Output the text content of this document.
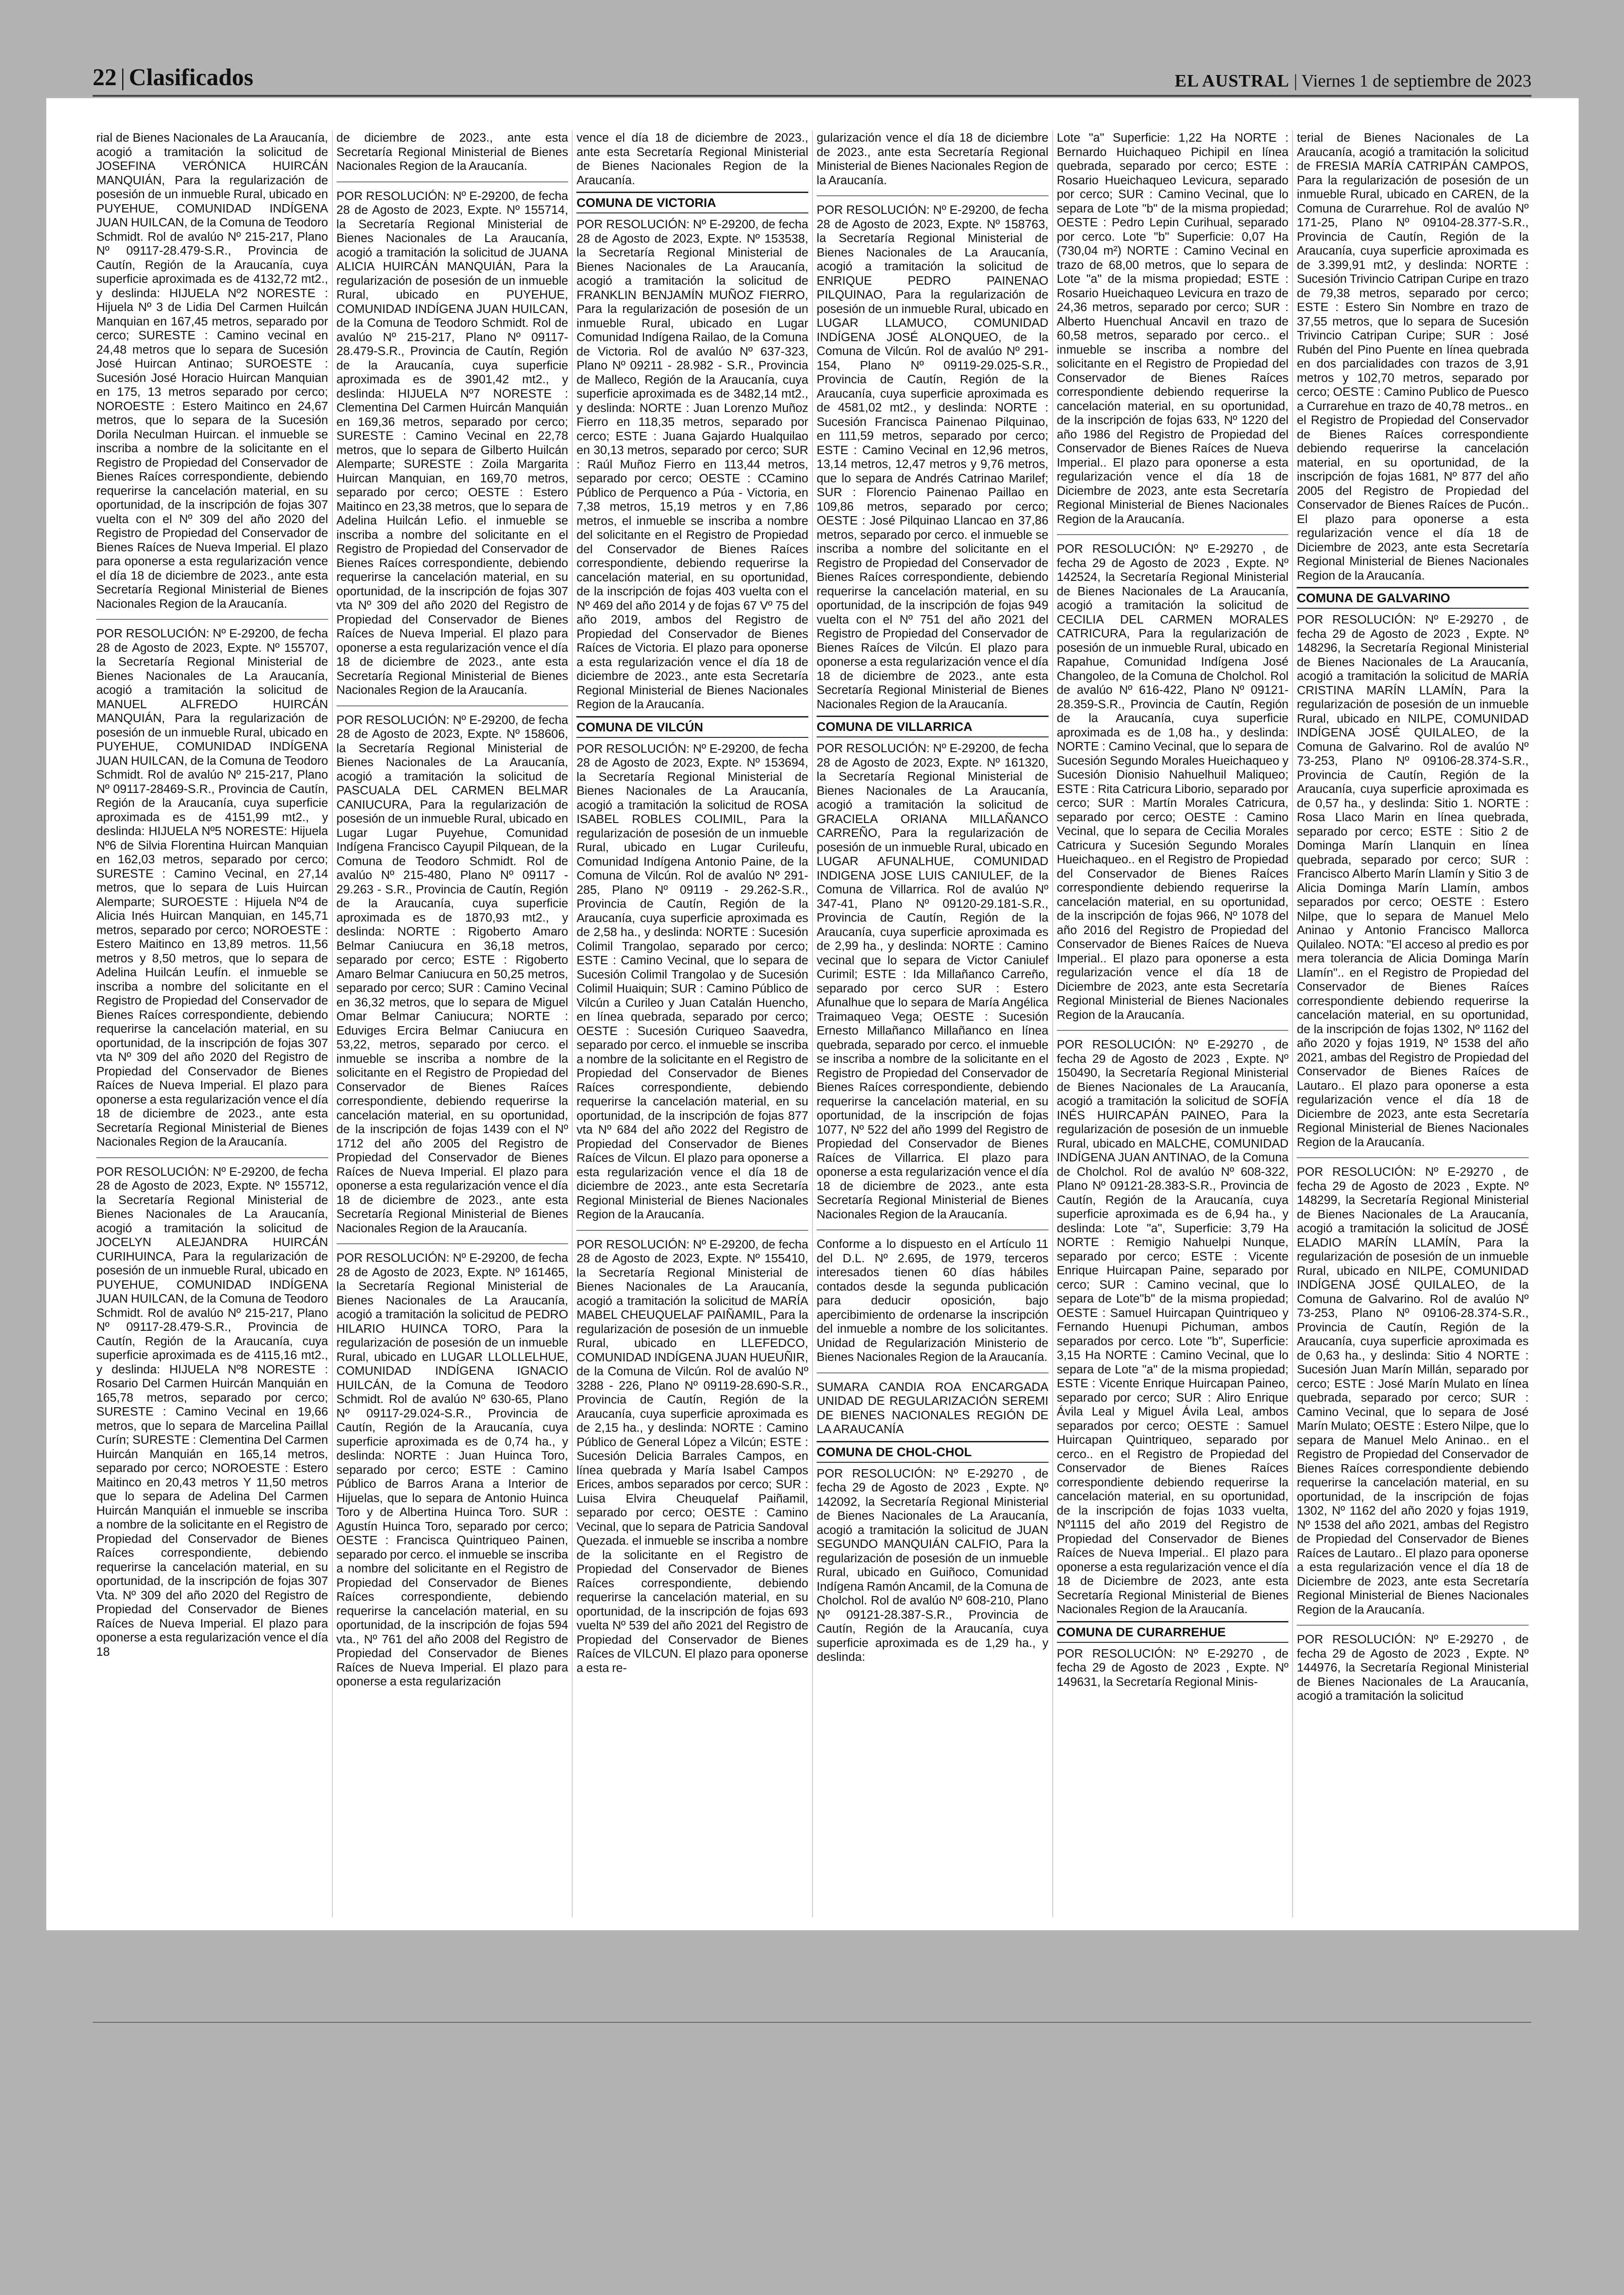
22 | Clasificados	EL AUSTRAL | Viernes 1 de septiembre de 2023

rial de Bienes Nacionales de La Araucanía, acogió a tramitación la solicitud de JOSEFINA VERÓNICA HUIRCÁN MANQUIÁN, Para la regularización de posesión de un inmueble Rural, ubicado en PUYEHUE, COMUNIDAD INDÍGENA JUAN HUILCAN, de la Comuna de Teodoro Schmidt. Rol de avalúo Nº 215-217, Plano Nº 09117-28.479-S.R., Provincia de Cautín, Región de la Araucanía, cuya superficie aproximada es de 4132,72 mt2., y deslinda: HIJUELA Nº2 NORESTE : Hijuela Nº 3 de Lidia Del Carmen Huilcán Manquian en 167,45 metros, separado por cerco; SURESTE : Camino vecinal en 24,48 metros que lo separa de Sucesión José Huircan Antinao; SUROESTE : Sucesión José Horacio Huircan Manquian en 175, 13 metros separado por cerco; NOROESTE : Estero Maitinco en 24,67 metros, que lo separa de la Sucesión Dorila Neculman Huircan. el inmueble se inscriba a nombre de la solicitante en el Registro de Propiedad del Conservador de Bienes Raíces correspondiente, debiendo requerirse la cancelación material, en su oportunidad, de la inscripción de fojas 307 vuelta con el Nº 309 del año 2020 del Registro de Propiedad del Conservador de Bienes Raíces de Nueva Imperial. El plazo para oponerse a esta regularización vence el día 18 de diciembre de 2023., ante esta Secretaría Regional Ministerial de Bienes Nacionales Region de la Araucanía.

POR RESOLUCIÓN: Nº E-29200, de fecha 28 de Agosto de 2023, Expte. Nº 155707, la Secretaría Regional Ministerial de Bienes Nacionales de La Araucanía, acogió a tramitación la solicitud de MANUEL ALFREDO HUIRCÁN MANQUIÁN, Para la regularización de posesión de un inmueble Rural, ubicado en PUYEHUE, COMUNIDAD INDÍGENA JUAN HUILCAN, de la Comuna de Teodoro Schmidt. Rol de avalúo Nº 215-217, Plano Nº 09117-28469-S.R., Provincia de Cautín, Región de la Araucanía, cuya superficie aproximada es de 4151,99 mt2., y deslinda: HIJUELA Nº5 NORESTE: Hijuela Nº6 de Silvia Florentina Huircan Manquian en 162,03 metros, separado por cerco; SURESTE : Camino Vecinal, en 27,14 metros, que lo separa de Luis Huircan Alemparte; SUROESTE : Hijuela Nº4 de Alicia Inés Huircan Manquian, en 145,71 metros, separado por cerco; NOROESTE : Estero Maitinco en 13,89 metros. 11,56 metros y 8,50 metros, que lo separa de Adelina Huilcán Leufín. el inmueble se inscriba a nombre del solicitante en el Registro de Propiedad del Conservador de Bienes Raíces correspondiente, debiendo requerirse la cancelación material, en su oportunidad, de la inscripción de fojas 307 vta Nº 309 del año 2020 del Registro de Propiedad del Conservador de Bienes Raíces de Nueva Imperial. El plazo para oponerse a esta regularización vence el día 18 de diciembre de 2023., ante esta Secretaría Regional Ministerial de Bienes Nacionales Region de la Araucanía.

POR RESOLUCIÓN: Nº E-29200, de fecha 28 de Agosto de 2023, Expte. Nº 155712, la Secretaría Regional Ministerial de Bienes Nacionales de La Araucanía, acogió a tramitación la solicitud de JOCELYN ALEJANDRA HUIRCÁN CURIHUINCA, Para la regularización de posesión de un inmueble Rural, ubicado en PUYEHUE, COMUNIDAD INDÍGENA JUAN HUILCAN, de la Comuna de Teodoro Schmidt. Rol de avalúo Nº 215-217, Plano Nº 09117-28.479-S.R., Provincia de Cautín, Región de la Araucanía, cuya superficie aproximada es de 4115,16 mt2., y deslinda: HIJUELA Nº8 NORESTE : Rosario Del Carmen Huircán Manquián en 165,78 metros, separado por cerco; SURESTE : Camino Vecinal en 19,66 metros, que lo separa de Marcelina Paillal Curín; SURESTE : Clementina Del Carmen Huircán Manquián en 165,14 metros, separado por cerco; NOROESTE : Estero Maitinco en 20,43 metros Y 11,50 metros que lo separa de Adelina Del Carmen Huircán Manquián el inmueble se inscriba a nombre de la solicitante en el Registro de Propiedad del Conservador de Bienes Raíces correspondiente, debiendo requerirse la cancelación material, en su oportunidad, de la inscripción de fojas 307 Vta. Nº 309 del año 2020 del Registro de Propiedad del Conservador de Bienes Raíces de Nueva Imperial. El plazo para oponerse a esta regularización vence el día 18

de diciembre de 2023., ante esta Secretaría Regional Ministerial de Bienes Nacionales Region de la Araucanía.

POR RESOLUCIÓN: Nº E-29200, de fecha 28 de Agosto de 2023, Expte. Nº 155714, la Secretaría Regional Ministerial de Bienes Nacionales de La Araucanía, acogió a tramitación la solicitud de JUANA ALICIA HUIRCÁN MANQUIÁN, Para la regularización de posesión de un inmueble Rural, ubicado en PUYEHUE, COMUNIDAD INDÍGENA JUAN HUILCAN, de la Comuna de Teodoro Schmidt. Rol de avalúo Nº 215-217, Plano Nº 09117-28.479-S.R., Provincia de Cautín, Región de la Araucanía, cuya superficie aproximada es de 3901,42 mt2., y deslinda: HIJUELA Nº7 NORESTE : Clementina Del Carmen Huircán Manquián en 169,36 metros, separado por cerco; SURESTE : Camino Vecinal en 22,78 metros, que lo separa de Gilberto Huilcán Alemparte; SURESTE : Zoila Margarita Huircan Manquian, en 169,70 metros, separado por cerco; OESTE : Estero Maitinco en 23,38 metros, que lo separa de Adelina Huilcán Lefio. el inmueble se inscriba a nombre del solicitante en el Registro de Propiedad del Conservador de Bienes Raíces correspondiente, debiendo requerirse la cancelación material, en su oportunidad, de la inscripción de fojas 307 vta Nº 309 del año 2020 del Registro de Propiedad del Conservador de Bienes Raíces de Nueva Imperial. El plazo para oponerse a esta regularización vence el día 18 de diciembre de 2023., ante esta Secretaría Regional Ministerial de Bienes Nacionales Region de la Araucanía.

POR RESOLUCIÓN: Nº E-29200, de fecha 28 de Agosto de 2023, Expte. Nº 158606, la Secretaría Regional Ministerial de Bienes Nacionales de La Araucanía, acogió a tramitación la solicitud de PASCUALA DEL CARMEN BELMAR CANIUCURA, Para la regularización de posesión de un inmueble Rural, ubicado en Lugar Lugar Puyehue, Comunidad Indígena Francisco Cayupil Pilquean, de la Comuna de Teodoro Schmidt. Rol de avalúo Nº 215-480, Plano Nº 09117 - 29.263 - S.R., Provincia de Cautín, Región de la Araucanía, cuya superficie aproximada es de 1870,93 mt2., y deslinda: NORTE : Rigoberto Amaro Belmar Caniucura en 36,18 metros, separado por cerco; ESTE : Rigoberto Amaro Belmar Caniucura en 50,25 metros, separado por cerco; SUR : Camino Vecinal en 36,32 metros, que lo separa de Miguel Omar Belmar Caniucura; NORTE : Eduviges Ercira Belmar Caniucura en 53,22, metros, separado por cerco. el inmueble se inscriba a nombre de la solicitante en el Registro de Propiedad del Conservador de Bienes Raíces correspondiente, debiendo requerirse la cancelación material, en su oportunidad, de la inscripción de fojas 1439 con el Nº 1712 del año 2005 del Registro de Propiedad del Conservador de Bienes Raíces de Nueva Imperial. El plazo para oponerse a esta regularización vence el día 18 de diciembre de 2023., ante esta Secretaría Regional Ministerial de Bienes Nacionales Region de la Araucanía.

POR RESOLUCIÓN: Nº E-29200, de fecha 28 de Agosto de 2023, Expte. Nº 161465, la Secretaría Regional Ministerial de Bienes Nacionales de La Araucanía, acogió a tramitación la solicitud de PEDRO HILARIO HUINCA TORO, Para la regularización de posesión de un inmueble Rural, ubicado en LUGAR LLOLLELHUE, COMUNIDAD INDÍGENA IGNACIO HUILCÁN, de la Comuna de Teodoro Schmidt. Rol de avalúo Nº 630-65, Plano Nº 09117-29.024-S.R., Provincia de Cautín, Región de la Araucanía, cuya superficie aproximada es de 0,74 ha., y deslinda: NORTE : Juan Huinca Toro, separado por cerco; ESTE : Camino Público de Barros Arana a Interior de Hijuelas, que lo separa de Antonio Huinca Toro y de Albertina Huinca Toro. SUR : Agustín Huinca Toro, separado por cerco; OESTE : Francisca Quintriqueo Painen, separado por cerco. el inmueble se inscriba a nombre del solicitante en el Registro de Propiedad del Conservador de Bienes Raíces correspondiente, debiendo requerirse la cancelación material, en su oportunidad, de la inscripción de fojas 594 vta., Nº 761 del año 2008 del Registro de Propiedad del Conservador de Bienes Raíces de Nueva Imperial. El plazo para oponerse a esta regularización

vence el día 18 de diciembre de 2023., ante esta Secretaría Regional Ministerial de Bienes Nacionales Region de la Araucanía.

COMUNA DE VICTORIA

POR RESOLUCIÓN: Nº E-29200, de fecha 28 de Agosto de 2023, Expte. Nº 153538, la Secretaría Regional Ministerial de Bienes Nacionales de La Araucanía, acogió a tramitación la solicitud de FRANKLIN BENJAMÍN MUÑOZ FIERRO, Para la regularización de posesión de un inmueble Rural, ubicado en Lugar Comunidad Indígena Railao, de la Comuna de Victoria. Rol de avalúo Nº 637-323, Plano Nº 09211 - 28.982 - S.R., Provincia de Malleco, Región de la Araucanía, cuya superficie aproximada es de 3482,14 mt2., y deslinda: NORTE : Juan Lorenzo Muñoz Fierro en 118,35 metros, separado por cerco; ESTE : Juana Gajardo Hualquilao en 30,13 metros, separado por cerco; SUR : Raúl Muñoz Fierro en 113,44 metros, separado por cerco; OESTE : CCamino Público de Perquenco a Púa - Victoria, en 7,38 metros, 15,19 metros y en 7,86 metros, el inmueble se inscriba a nombre del solicitante en el Registro de Propiedad del Conservador de Bienes Raíces correspondiente, debiendo requerirse la cancelación material, en su oportunidad, de la inscripción de fojas 403 vuelta con el Nº 469 del año 2014 y de fojas 67 Vº 75 del año 2019, ambos del Registro de Propiedad del Conservador de Bienes Raíces de Victoria. El plazo para oponerse a esta regularización vence el día 18 de diciembre de 2023., ante esta Secretaría Regional Ministerial de Bienes Nacionales Region de la Araucanía.

COMUNA DE VILCÚN

POR RESOLUCIÓN: Nº E-29200, de fecha 28 de Agosto de 2023, Expte. Nº 153694, la Secretaría Regional Ministerial de Bienes Nacionales de La Araucanía, acogió a tramitación la solicitud de ROSA ISABEL ROBLES COLIMIL, Para la regularización de posesión de un inmueble Rural, ubicado en Lugar Curileufu, Comunidad Indígena Antonio Paine, de la Comuna de Vilcún. Rol de avalúo Nº 291-285, Plano Nº 09119 - 29.262-S.R., Provincia de Cautín, Región de la Araucanía, cuya superficie aproximada es de 2,58 ha., y deslinda: NORTE : Sucesión Colimil Trangolao, separado por cerco; ESTE : Camino Vecinal, que lo separa de Sucesión Colimil Trangolao y de Sucesión Colimil Huaiquin; SUR : Camino Público de Vilcún a Curileo y Juan Catalán Huencho, en línea quebrada, separado por cerco; OESTE : Sucesión Curiqueo Saavedra, separado por cerco. el inmueble se inscriba a nombre de la solicitante en el Registro de Propiedad del Conservador de Bienes Raíces correspondiente, debiendo requerirse la cancelación material, en su oportunidad, de la inscripción de fojas 877 vta Nº 684 del año 2022 del Registro de Propiedad del Conservador de Bienes Raíces de Vilcun. El plazo para oponerse a esta regularización vence el día 18 de diciembre de 2023., ante esta Secretaría Regional Ministerial de Bienes Nacionales Region de la Araucanía.

POR RESOLUCIÓN: Nº E-29200, de fecha 28 de Agosto de 2023, Expte. Nº 155410, la Secretaría Regional Ministerial de Bienes Nacionales de La Araucanía, acogió a tramitación la solicitud de MARÍA MABEL CHEUQUELAF PAIÑAMIL, Para la regularización de posesión de un inmueble Rural, ubicado en LLEFEDCO, COMUNIDAD INDÍGENA JUAN HUEUÑIR, de la Comuna de Vilcún. Rol de avalúo Nº 3288 - 226, Plano Nº 09119-28.690-S.R., Provincia de Cautín, Región de la Araucanía, cuya superficie aproximada es de 2,15 ha., y deslinda: NORTE : Camino Público de General López a Vilcún; ESTE : Sucesión Delicia Barrales Campos, en línea quebrada y María Isabel Campos Erices, ambos separados por cerco; SUR : Luisa Elvira Cheuquelaf Paiñamil, separado por cerco; OESTE : Camino Vecinal, que lo separa de Patricia Sandoval Quezada. el inmueble se inscriba a nombre de la solicitante en el Registro de Propiedad del Conservador de Bienes Raíces correspondiente, debiendo requerirse la cancelación material, en su oportunidad, de la inscripción de fojas 693 vuelta Nº 539 del año 2021 del Registro de Propiedad del Conservador de Bienes Raíces de VILCUN. El plazo para oponerse a esta re-

gularización vence el día 18 de diciembre de 2023., ante esta Secretaría Regional Ministerial de Bienes Nacionales Region de la Araucanía.

POR RESOLUCIÓN: Nº E-29200, de fecha 28 de Agosto de 2023, Expte. Nº 158763, la Secretaría Regional Ministerial de Bienes Nacionales de La Araucanía, acogió a tramitación la solicitud de ENRIQUE PEDRO PAINENAO PILQUINAO, Para la regularización de posesión de un inmueble Rural, ubicado en LUGAR LLAMUCO, COMUNIDAD INDÍGENA JOSÉ ALONQUEO, de la Comuna de Vilcún. Rol de avalúo Nº 291-154, Plano Nº 09119-29.025-S.R., Provincia de Cautín, Región de la Araucanía, cuya superficie aproximada es de 4581,02 mt2., y deslinda: NORTE : Sucesión Francisca Painenao Pilquinao, en 111,59 metros, separado por cerco; ESTE : Camino Vecinal en 12,96 metros, 13,14 metros, 12,47 metros y 9,76 metros, que lo separa de Andrés Catrinao Marilef; SUR : Florencio Painenao Paillao en 109,86 metros, separado por cerco; OESTE : José Pilquinao Llancao en 37,86 metros, separado por cerco. el inmueble se inscriba a nombre del solicitante en el Registro de Propiedad del Conservador de Bienes Raíces correspondiente, debiendo requerirse la cancelación material, en su oportunidad, de la inscripción de fojas 949 vuelta con el Nº 751 del año 2021 del Registro de Propiedad del Conservador de Bienes Raíces de Vilcún. El plazo para oponerse a esta regularización vence el día 18 de diciembre de 2023., ante esta Secretaría Regional Ministerial de Bienes Nacionales Region de la Araucanía.

COMUNA DE VILLARRICA

POR RESOLUCIÓN: Nº E-29200, de fecha 28 de Agosto de 2023, Expte. Nº 161320, la Secretaría Regional Ministerial de Bienes Nacionales de La Araucanía, acogió a tramitación la solicitud de GRACIELA ORIANA MILLAÑANCO CARREÑO, Para la regularización de posesión de un inmueble Rural, ubicado en LUGAR AFUNALHUE, COMUNIDAD INDIGENA JOSE LUIS CANIULEF, de la Comuna de Villarrica. Rol de avalúo Nº 347-41, Plano Nº 09120-29.181-S.R., Provincia de Cautín, Región de la Araucanía, cuya superficie aproximada es de 2,99 ha., y deslinda: NORTE : Camino vecinal que lo separa de Victor Caniulef Curimil; ESTE : Ida Millañanco Carreño, separado por cerco SUR : Estero Afunalhue que lo separa de María Angélica Traimaqueo Vega; OESTE : Sucesión Ernesto Millañanco Millañanco en línea quebrada, separado por cerco. el inmueble se inscriba a nombre de la solicitante en el Registro de Propiedad del Conservador de Bienes Raíces correspondiente, debiendo requerirse la cancelación material, en su oportunidad, de la inscripción de fojas 1077, Nº 522 del año 1999 del Registro de Propiedad del Conservador de Bienes Raíces de Villarrica. El plazo para oponerse a esta regularización vence el día 18 de diciembre de 2023., ante esta Secretaría Regional Ministerial de Bienes Nacionales Region de la Araucanía.

Conforme a lo dispuesto en el Artículo 11 del D.L. Nº 2.695, de 1979, terceros interesados tienen 60 días hábiles contados desde la segunda publicación para deducir oposición, bajo apercibimiento de ordenarse la inscripción del inmueble a nombre de los solicitantes. Unidad de Regularización Ministerio de Bienes Nacionales Region de la Araucanía.

SUMARA CANDIA ROA ENCARGADA UNIDAD DE REGULARIZACIÓN SEREMI DE BIENES NACIONALES REGIÓN DE LA ARAUCANÍA

COMUNA DE CHOL-CHOL

POR RESOLUCIÓN: Nº E-29270 , de fecha 29 de Agosto de 2023 , Expte. Nº 142092, la Secretaría Regional Ministerial de Bienes Nacionales de La Araucanía, acogió a tramitación la solicitud de JUAN SEGUNDO MANQUIÁN CALFIO, Para la regularización de posesión de un inmueble Rural, ubicado en Guiñoco, Comunidad Indígena Ramón Ancamil, de la Comuna de Cholchol. Rol de avalúo Nº 608-210, Plano Nº 09121-28.387-S.R., Provincia de Cautín, Región de la Araucanía, cuya superficie aproximada es de 1,29 ha., y deslinda:

Lote "a" Superficie: 1,22 Ha NORTE : Bernardo Huichaqueo Pichipil en línea quebrada, separado por cerco; ESTE : Rosario Hueichaqueo Levicura, separado por cerco; SUR : Camino Vecinal, que lo separa de Lote "b" de la misma propiedad; OESTE : Pedro Lepin Curihual, separado por cerco. Lote "b" Superficie: 0,07 Ha (730,04 m²) NORTE : Camino Vecinal en trazo de 68,00 metros, que lo separa de Lote "a" de la misma propiedad; ESTE : Rosario Hueichaqueo Levicura en trazo de 24,36 metros, separado por cerco; SUR : Alberto Huenchual Ancavil en trazo de 60,58 metros, separado por cerco.. el inmueble se inscriba a nombre del solicitante en el Registro de Propiedad del Conservador de Bienes Raíces correspondiente debiendo requerirse la cancelación material, en su oportunidad, de la inscripción de fojas 633, Nº 1220 del año 1986 del Registro de Propiedad del Conservador de Bienes Raíces de Nueva Imperial.. El plazo para oponerse a esta regularización vence el día 18 de Diciembre de 2023, ante esta Secretaría Regional Ministerial de Bienes Nacionales Region de la Araucanía.

POR RESOLUCIÓN: Nº E-29270 , de fecha 29 de Agosto de 2023 , Expte. Nº 142524, la Secretaría Regional Ministerial de Bienes Nacionales de La Araucanía, acogió a tramitación la solicitud de CECILIA DEL CARMEN MORALES CATRICURA, Para la regularización de posesión de un inmueble Rural, ubicado en Rapahue, Comunidad Indígena José Changoleo, de la Comuna de Cholchol. Rol de avalúo Nº 616-422, Plano Nº 09121-28.359-S.R., Provincia de Cautín, Región de la Araucanía, cuya superficie aproximada es de 1,08 ha., y deslinda: NORTE : Camino Vecinal, que lo separa de Sucesión Segundo Morales Hueichaqueo y Sucesión Dionisio Nahuelhuil Maliqueo; ESTE : Rita Catricura Liborio, separado por cerco; SUR : Martín Morales Catricura, separado por cerco; OESTE : Camino Vecinal, que lo separa de Cecilia Morales Catricura y Sucesión Segundo Morales Hueichaqueo.. en el Registro de Propiedad del Conservador de Bienes Raíces correspondiente debiendo requerirse la cancelación material, en su oportunidad, de la inscripción de fojas 966, Nº 1078 del año 2016 del Registro de Propiedad del Conservador de Bienes Raíces de Nueva Imperial.. El plazo para oponerse a esta regularización vence el día 18 de Diciembre de 2023, ante esta Secretaría Regional Ministerial de Bienes Nacionales Region de la Araucanía.

POR RESOLUCIÓN: Nº E-29270 , de fecha 29 de Agosto de 2023 , Expte. Nº 150490, la Secretaría Regional Ministerial de Bienes Nacionales de La Araucanía, acogió a tramitación la solicitud de SOFÍA INÉS HUIRCAPÁN PAINEO, Para la regularización de posesión de un inmueble Rural, ubicado en MALCHE, COMUNIDAD INDÍGENA JUAN ANTINAO, de la Comuna de Cholchol. Rol de avalúo Nº 608-322, Plano Nº 09121-28.383-S.R., Provincia de Cautín, Región de la Araucanía, cuya superficie aproximada es de 6,94 ha., y deslinda: Lote "a", Superficie: 3,79 Ha NORTE : Remigio Nahuelpi Nunque, separado por cerco; ESTE : Vicente Enrique Huircapan Paine, separado por cerco; SUR : Camino vecinal, que lo separa de Lote"b" de la misma propiedad; OESTE : Samuel Huircapan Quintriqueo y Fernando Huenupi Pichuman, ambos separados por cerco. Lote "b", Superficie: 3,15 Ha NORTE : Camino Vecinal, que lo separa de Lote "a" de la misma propiedad; ESTE : Vicente Enrique Huircapan Paineo, separado por cerco; SUR : Aliro Enrique Ávila Leal y Miguel Ávila Leal, ambos separados por cerco; OESTE : Samuel Huircapan Quintriqueo, separado por cerco.. en el Registro de Propiedad del Conservador de Bienes Raíces correspondiente debiendo requerirse la cancelación material, en su oportunidad, de la inscripción de fojas 1033 vuelta, Nº1115 del año 2019 del Registro de Propiedad del Conservador de Bienes Raíces de Nueva Imperial.. El plazo para oponerse a esta regularización vence el día 18 de Diciembre de 2023, ante esta Secretaría Regional Ministerial de Bienes Nacionales Region de la Araucanía.

COMUNA DE CURARREHUE

POR RESOLUCIÓN: Nº E-29270 , de fecha 29 de Agosto de 2023 , Expte. Nº 149631, la Secretaría Regional Minis-

terial de Bienes Nacionales de La Araucanía, acogió a tramitación la solicitud de FRESIA MARÍA CATRIPÁN CAMPOS, Para la regularización de posesión de un inmueble Rural, ubicado en CAREN, de la Comuna de Curarrehue. Rol de avalúo Nº 171-25, Plano Nº 09104-28.377-S.R., Provincia de Cautín, Región de la Araucanía, cuya superficie aproximada es de 3.399,91 mt2, y deslinda: NORTE : Sucesión Trivincio Catripan Curipe en trazo de 79,38 metros, separado por cerco; ESTE : Estero Sin Nombre en trazo de 37,55 metros, que lo separa de Sucesión Trivincio Catripan Curipe; SUR : José Rubén del Pino Puente en línea quebrada en dos parcialidades con trazos de 3,91 metros y 102,70 metros, separado por cerco; OESTE : Camino Publico de Puesco a Currarehue en trazo de 40,78 metros.. en el Registro de Propiedad del Conservador de Bienes Raíces correspondiente debiendo requerirse la cancelación material, en su oportunidad, de la inscripción de fojas 1681, Nº 877 del año 2005 del Registro de Propiedad del Conservador de Bienes Raíces de Pucón.. El plazo para oponerse a esta regularización vence el día 18 de Diciembre de 2023, ante esta Secretaría Regional Ministerial de Bienes Nacionales Region de la Araucanía.

COMUNA DE GALVARINO

POR RESOLUCIÓN: Nº E-29270 , de fecha 29 de Agosto de 2023 , Expte. Nº 148296, la Secretaría Regional Ministerial de Bienes Nacionales de La Araucanía, acogió a tramitación la solicitud de MARÍA CRISTINA MARÍN LLAMÍN, Para la regularización de posesión de un inmueble Rural, ubicado en NILPE, COMUNIDAD INDÍGENA JOSÉ QUILALEO, de la Comuna de Galvarino. Rol de avalúo Nº 73-253, Plano Nº 09106-28.374-S.R., Provincia de Cautín, Región de la Araucanía, cuya superficie aproximada es de 0,57 ha., y deslinda: Sitio 1. NORTE : Rosa Llaco Marin en línea quebrada, separado por cerco; ESTE : Sitio 2 de Dominga Marín Llanquin en línea quebrada, separado por cerco; SUR : Francisco Alberto Marín Llamín y Sitio 3 de Alicia Dominga Marín Llamín, ambos separados por cerco; OESTE : Estero Nilpe, que lo separa de Manuel Melo Aninao y Antonio Francisco Mallorca Quilaleo. NOTA: "El acceso al predio es por mera tolerancia de Alicia Dominga Marín Llamín".. en el Registro de Propiedad del Conservador de Bienes Raíces correspondiente debiendo requerirse la cancelación material, en su oportunidad, de la inscripción de fojas 1302, Nº 1162 del año 2020 y fojas 1919, Nº 1538 del año 2021, ambas del Registro de Propiedad del Conservador de Bienes Raíces de Lautaro.. El plazo para oponerse a esta regularización vence el día 18 de Diciembre de 2023, ante esta Secretaría Regional Ministerial de Bienes Nacionales Region de la Araucanía.

POR RESOLUCIÓN: Nº E-29270 , de fecha 29 de Agosto de 2023 , Expte. Nº 148299, la Secretaría Regional Ministerial de Bienes Nacionales de La Araucanía, acogió a tramitación la solicitud de JOSÉ ELADIO MARÍN LLAMÍN, Para la regularización de posesión de un inmueble Rural, ubicado en NILPE, COMUNIDAD INDÍGENA JOSÉ QUILALEO, de la Comuna de Galvarino. Rol de avalúo Nº 73-253, Plano Nº 09106-28.374-S.R., Provincia de Cautín, Región de la Araucanía, cuya superficie aproximada es de 0,63 ha., y deslinda: Sitio 4 NORTE : Sucesión Juan Marín Millán, separado por cerco; ESTE : José Marín Mulato en línea quebrada, separado por cerco; SUR : Camino Vecinal, que lo separa de José Marín Mulato; OESTE : Estero Nilpe, que lo separa de Manuel Melo Aninao.. en el Registro de Propiedad del Conservador de Bienes Raíces correspondiente debiendo requerirse la cancelación material, en su oportunidad, de la inscripción de fojas 1302, Nº 1162 del año 2020 y fojas 1919, Nº 1538 del año 2021, ambas del Registro de Propiedad del Conservador de Bienes Raíces de Lautaro.. El plazo para oponerse a esta regularización vence el día 18 de Diciembre de 2023, ante esta Secretaría Regional Ministerial de Bienes Nacionales Region de la Araucanía.

POR RESOLUCIÓN: Nº E-29270 , de fecha 29 de Agosto de 2023 , Expte. Nº 144976, la Secretaría Regional Ministerial de Bienes Nacionales de La Araucanía, acogió a tramitación la solicitud
